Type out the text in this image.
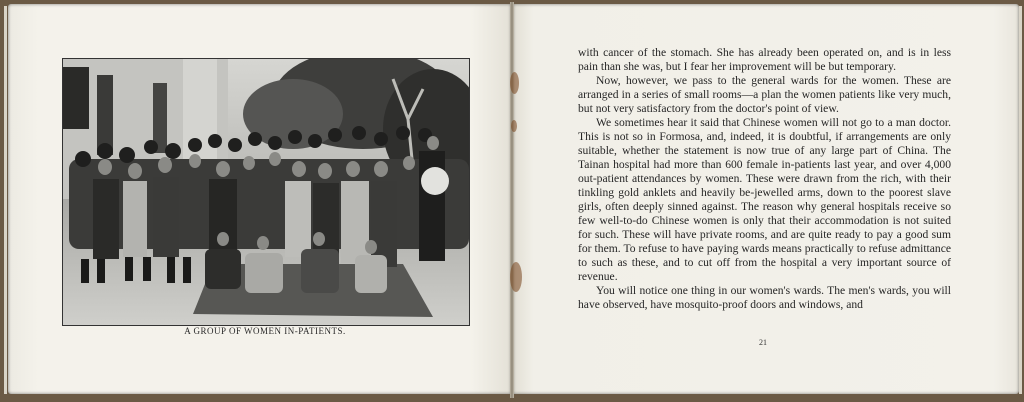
A GROUP OF WOMEN IN-PATIENTS.

with cancer of the stomach. She has already been operated on, and is in less pain than she was, but I fear her improvement will be but temporary.

Now, however, we pass to the general wards for the women. These are arranged in a series of small rooms—a plan the women patients like very much, but not very satisfactory from the doctor's point of view.

We sometimes hear it said that Chinese women will not go to a man doctor. This is not so in Formosa, and, indeed, it is doubtful, if arrangements are only suitable, whether the statement is now true of any large part of China. The Tainan hospital had more than 600 female in-patients last year, and over 4,000 out-patient attendances by women. These were drawn from the rich, with their tinkling gold anklets and heavily be-jewelled arms, down to the poorest slave girls, often deeply sinned against. The reason why general hospitals receive so few well-to-do Chinese women is only that their accommodation is not suited for such. These will have private rooms, and are quite ready to pay a good sum for them. To refuse to have paying wards means practically to refuse admittance to such as these, and to cut off from the hospital a very important source of revenue.

You will notice one thing in our women's wards. The men's wards, you will have observed, have mosquito-proof doors and windows, and

21
